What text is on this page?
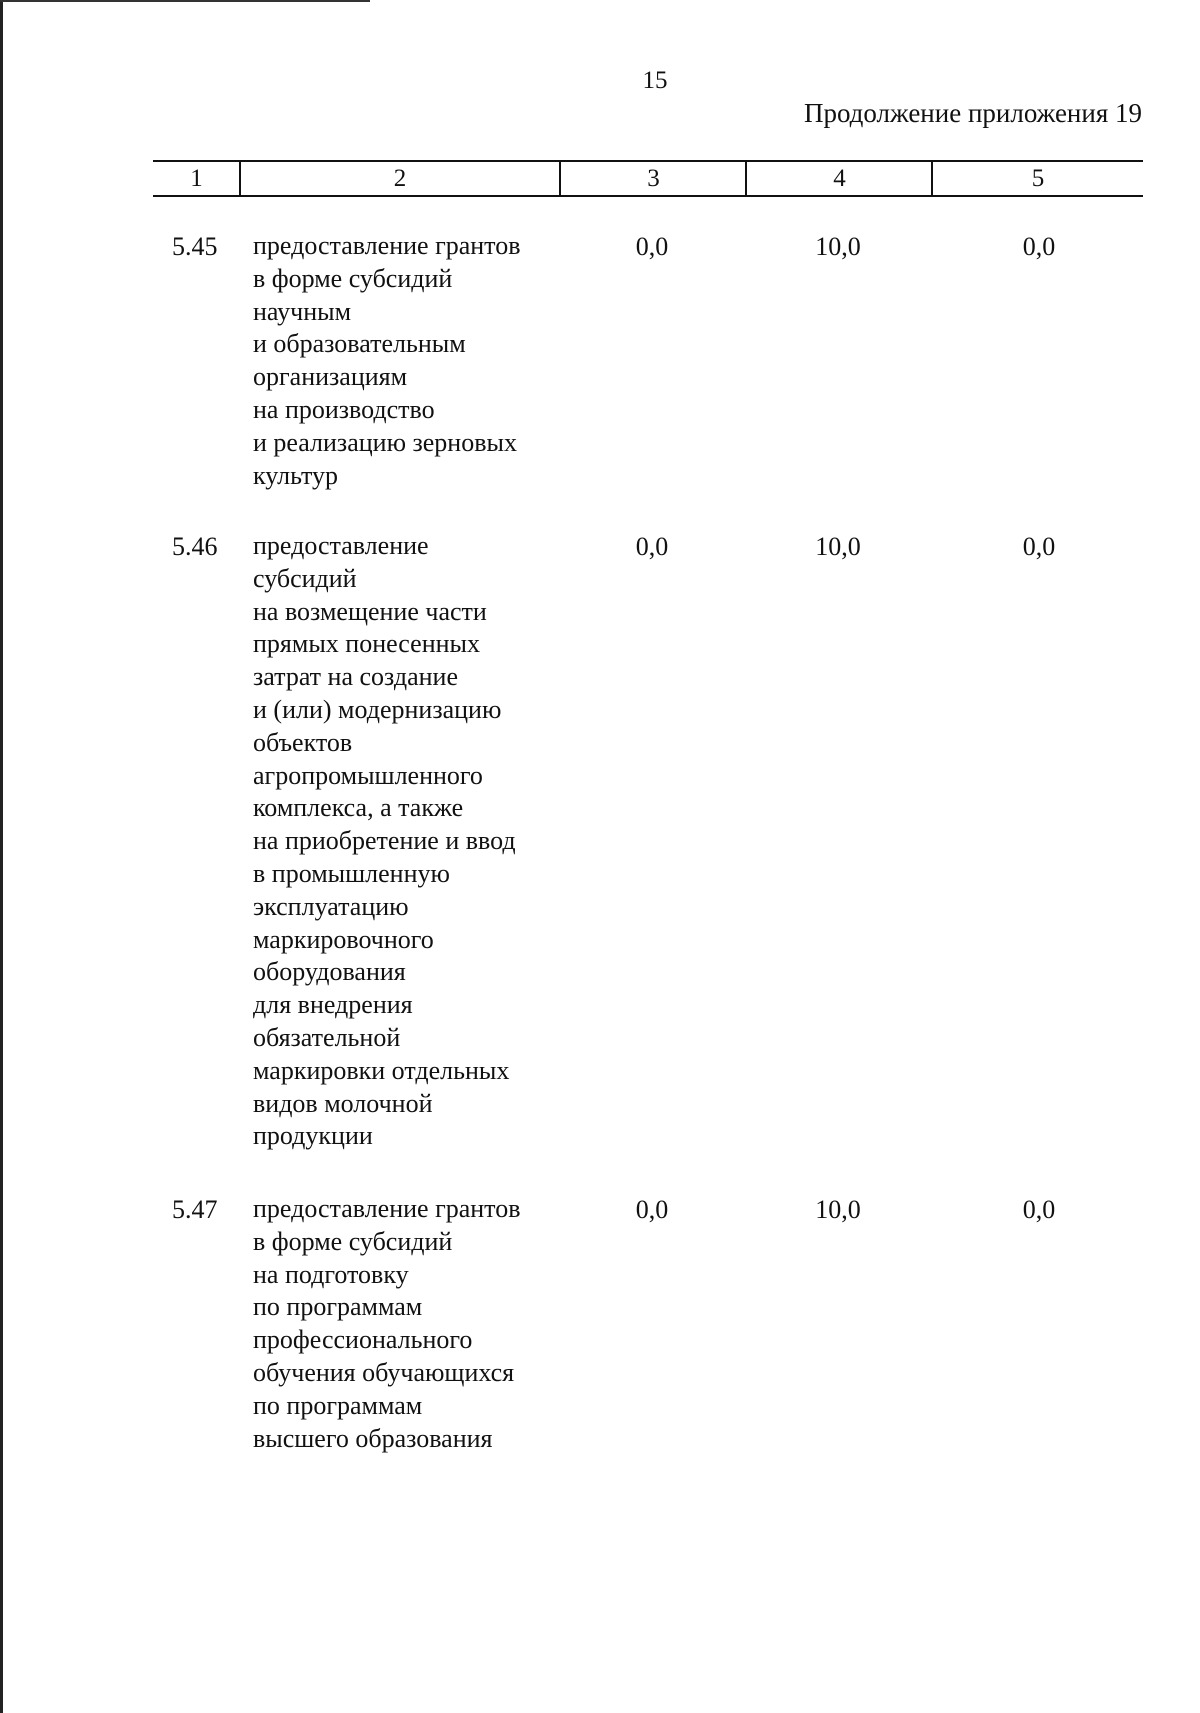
15
Продолжение приложения 19
1	2	3	4	5
5.45 предоставление грантов
в форме субсидий
научным
и образовательным
организациям
на производство
и реализацию зерновых
культур
0,0	10,0	0,0
5.46 предоставление
субсидий
на возмещение части
прямых понесенных
затрат на создание
и (или) модернизацию
объектов
агропромышленного
комплекса, а также
на приобретение и ввод
в промышленную
эксплуатацию
маркировочного
оборудования
для внедрения
обязательной
маркировки отдельных
видов молочной
продукции
0,0	10,0	0,0
5.47 предоставление грантов
в форме субсидий
на подготовку
по программам
профессионального
обучения обучающихся
по программам
высшего образования
0,0	10,0	0,0
